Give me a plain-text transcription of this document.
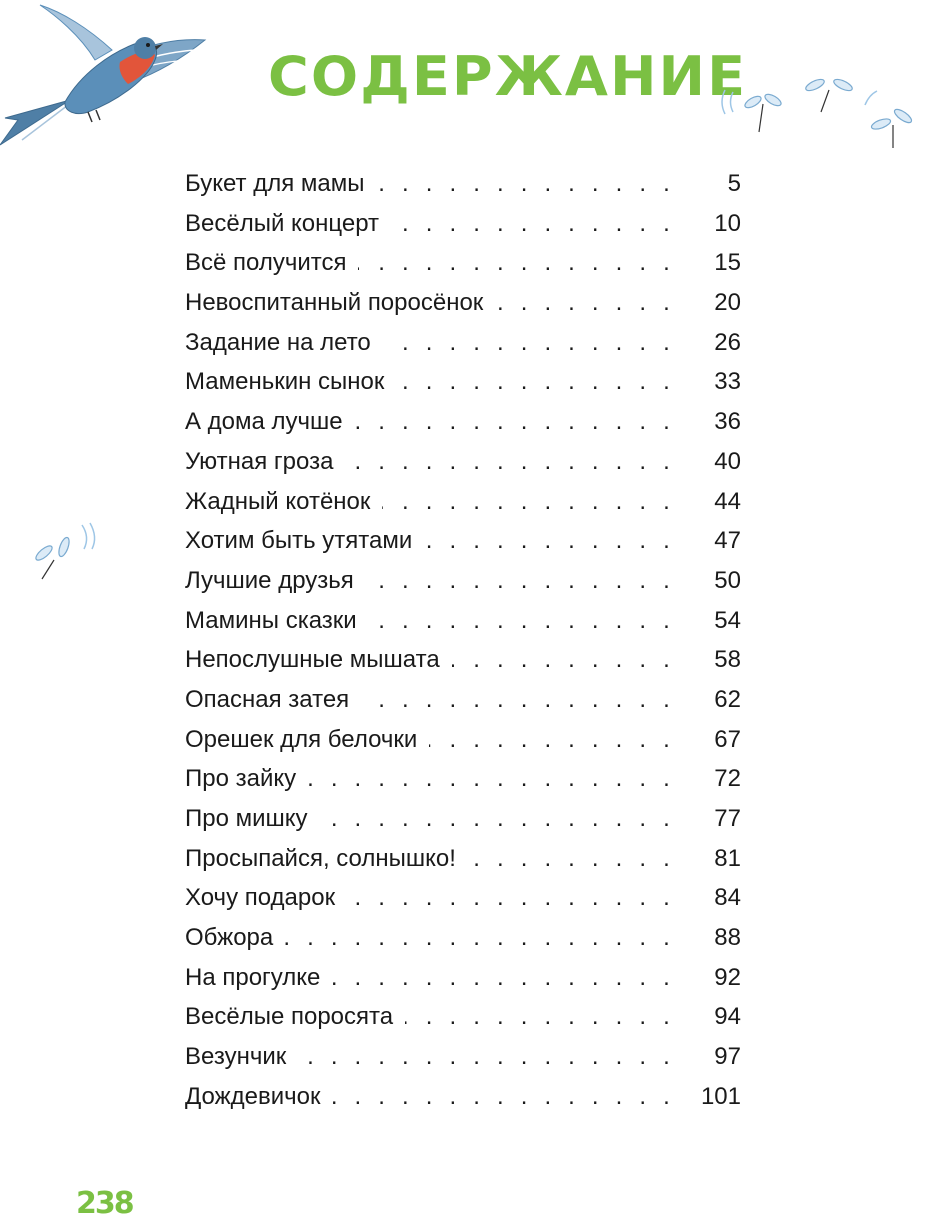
СОДЕРЖАНИЕ
Букет для мамы . . .	5
Весёлый концерт . . .	10
Всё получится . . .	15
Невоспитанный поросёнок . . .	20
Задание на лето . . .	26
Маменькин сынок . . .	33
А дома лучше . . .	36
Уютная гроза . . .	40
Жадный котёнок . . .	44
Хотим быть утятами . . .	47
Лучшие друзья . . .	50
Мамины сказки . . .	54
Непослушные мышата . . .	58
Опасная затея . . .	62
Орешек для белочки . . .	67
Про зайку . . .	72
Про мишку . . .	77
Просыпайся, солнышко! . . .	81
Хочу подарок . . .	84
Обжора . . .	88
На прогулке . . .	92
Весёлые поросята . . .	94
Везунчик . . .	97
Дождевичок . . .	101

238
